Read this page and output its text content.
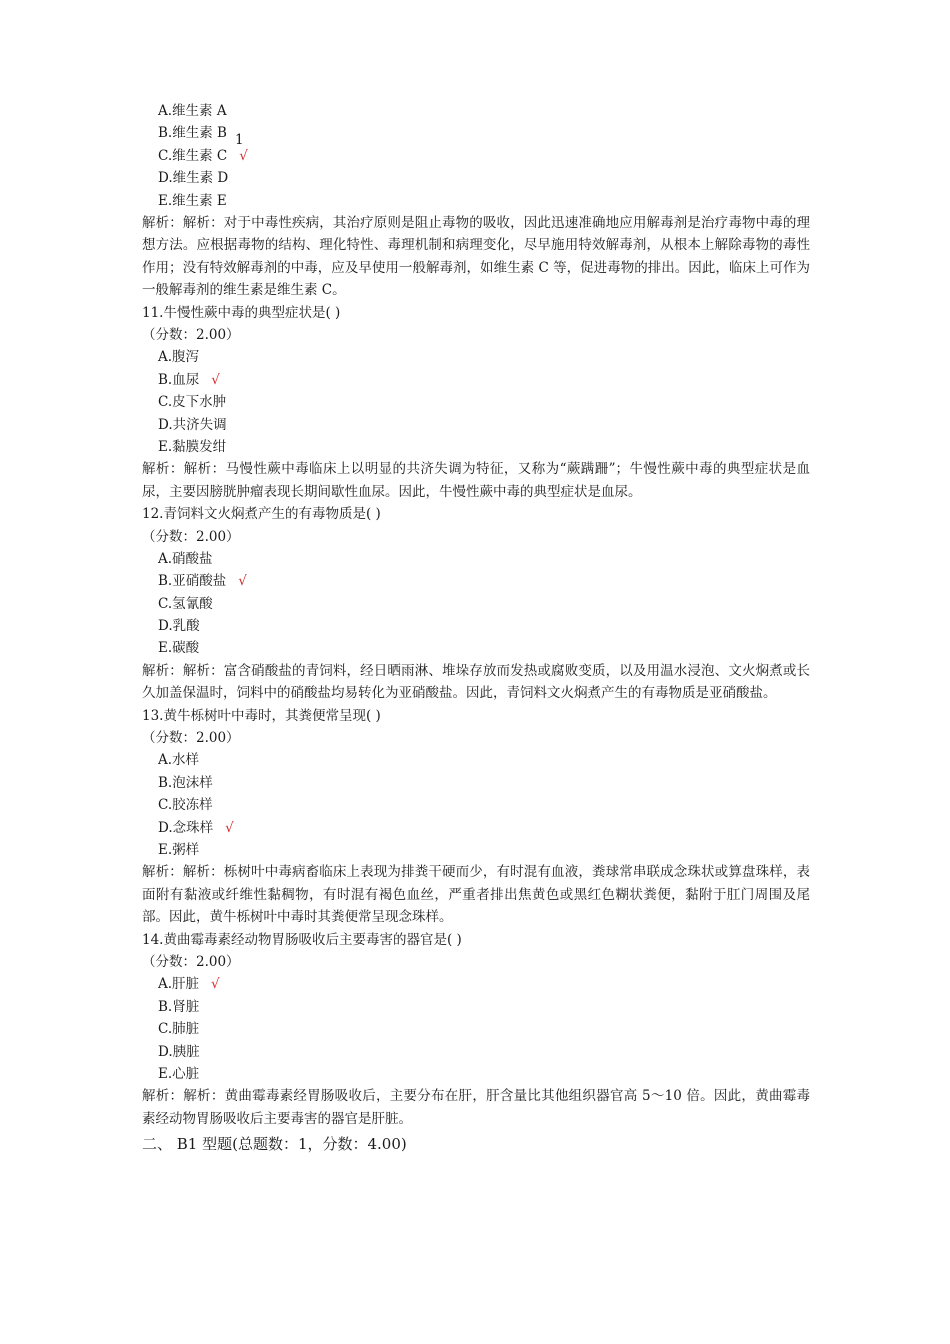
1
A.维生素 A
B.维生素 B
C.维生素 C √
D.维生素 D
E.维生素 E
解析：解析：对于中毒性疾病，其治疗原则是阻止毒物的吸收，因此迅速准确地应用解毒剂是治疗毒物中毒的理想方法。应根据毒物的结构、理化特性、毒理机制和病理变化，尽早施用特效解毒剂，从根本上解除毒物的毒性作用；没有特效解毒剂的中毒，应及早使用一般解毒剂，如维生素 C 等，促进毒物的排出。因此，临床上可作为一般解毒剂的维生素是维生素 C。
11.牛慢性蕨中毒的典型症状是( )
（分数：2.00）
A.腹泻
B.血尿 √
C.皮下水肿
D.共济失调
E.黏膜发绀
解析：解析：马慢性蕨中毒临床上以明显的共济失调为特征，又称为“蕨蹒跚”；牛慢性蕨中毒的典型症状是血尿，主要因膀胱肿瘤表现长期间歇性血尿。因此，牛慢性蕨中毒的典型症状是血尿。
12.青饲料文火焖煮产生的有毒物质是( )
（分数：2.00）
A.硝酸盐
B.亚硝酸盐 √
C.氢氰酸
D.乳酸
E.碳酸
解析：解析：富含硝酸盐的青饲料，经日晒雨淋、堆垛存放而发热或腐败变质，以及用温水浸泡、文火焖煮或长久加盖保温时，饲料中的硝酸盐均易转化为亚硝酸盐。因此，青饲料文火焖煮产生的有毒物质是亚硝酸盐。
13.黄牛栎树叶中毒时，其粪便常呈现( )
（分数：2.00）
A.水样
B.泡沫样
C.胶冻样
D.念珠样 √
E.粥样
解析：解析：栎树叶中毒病畜临床上表现为排粪干硬而少，有时混有血液，粪球常串联成念珠状或算盘珠样，表面附有黏液或纤维性黏稠物，有时混有褐色血丝，严重者排出焦黄色或黑红色糊状粪便，黏附于肛门周围及尾部。因此，黄牛栎树叶中毒时其粪便常呈现念珠样。
14.黄曲霉毒素经动物胃肠吸收后主要毒害的器官是( )
（分数：2.00）
A.肝脏 √
B.肾脏
C.肺脏
D.胰脏
E.心脏
解析：解析：黄曲霉毒素经胃肠吸收后，主要分布在肝，肝含量比其他组织器官高 5～10 倍。因此，黄曲霉毒素经动物胃肠吸收后主要毒害的器官是肝脏。
二、 B1 型题(总题数：1，分数：4.00)
